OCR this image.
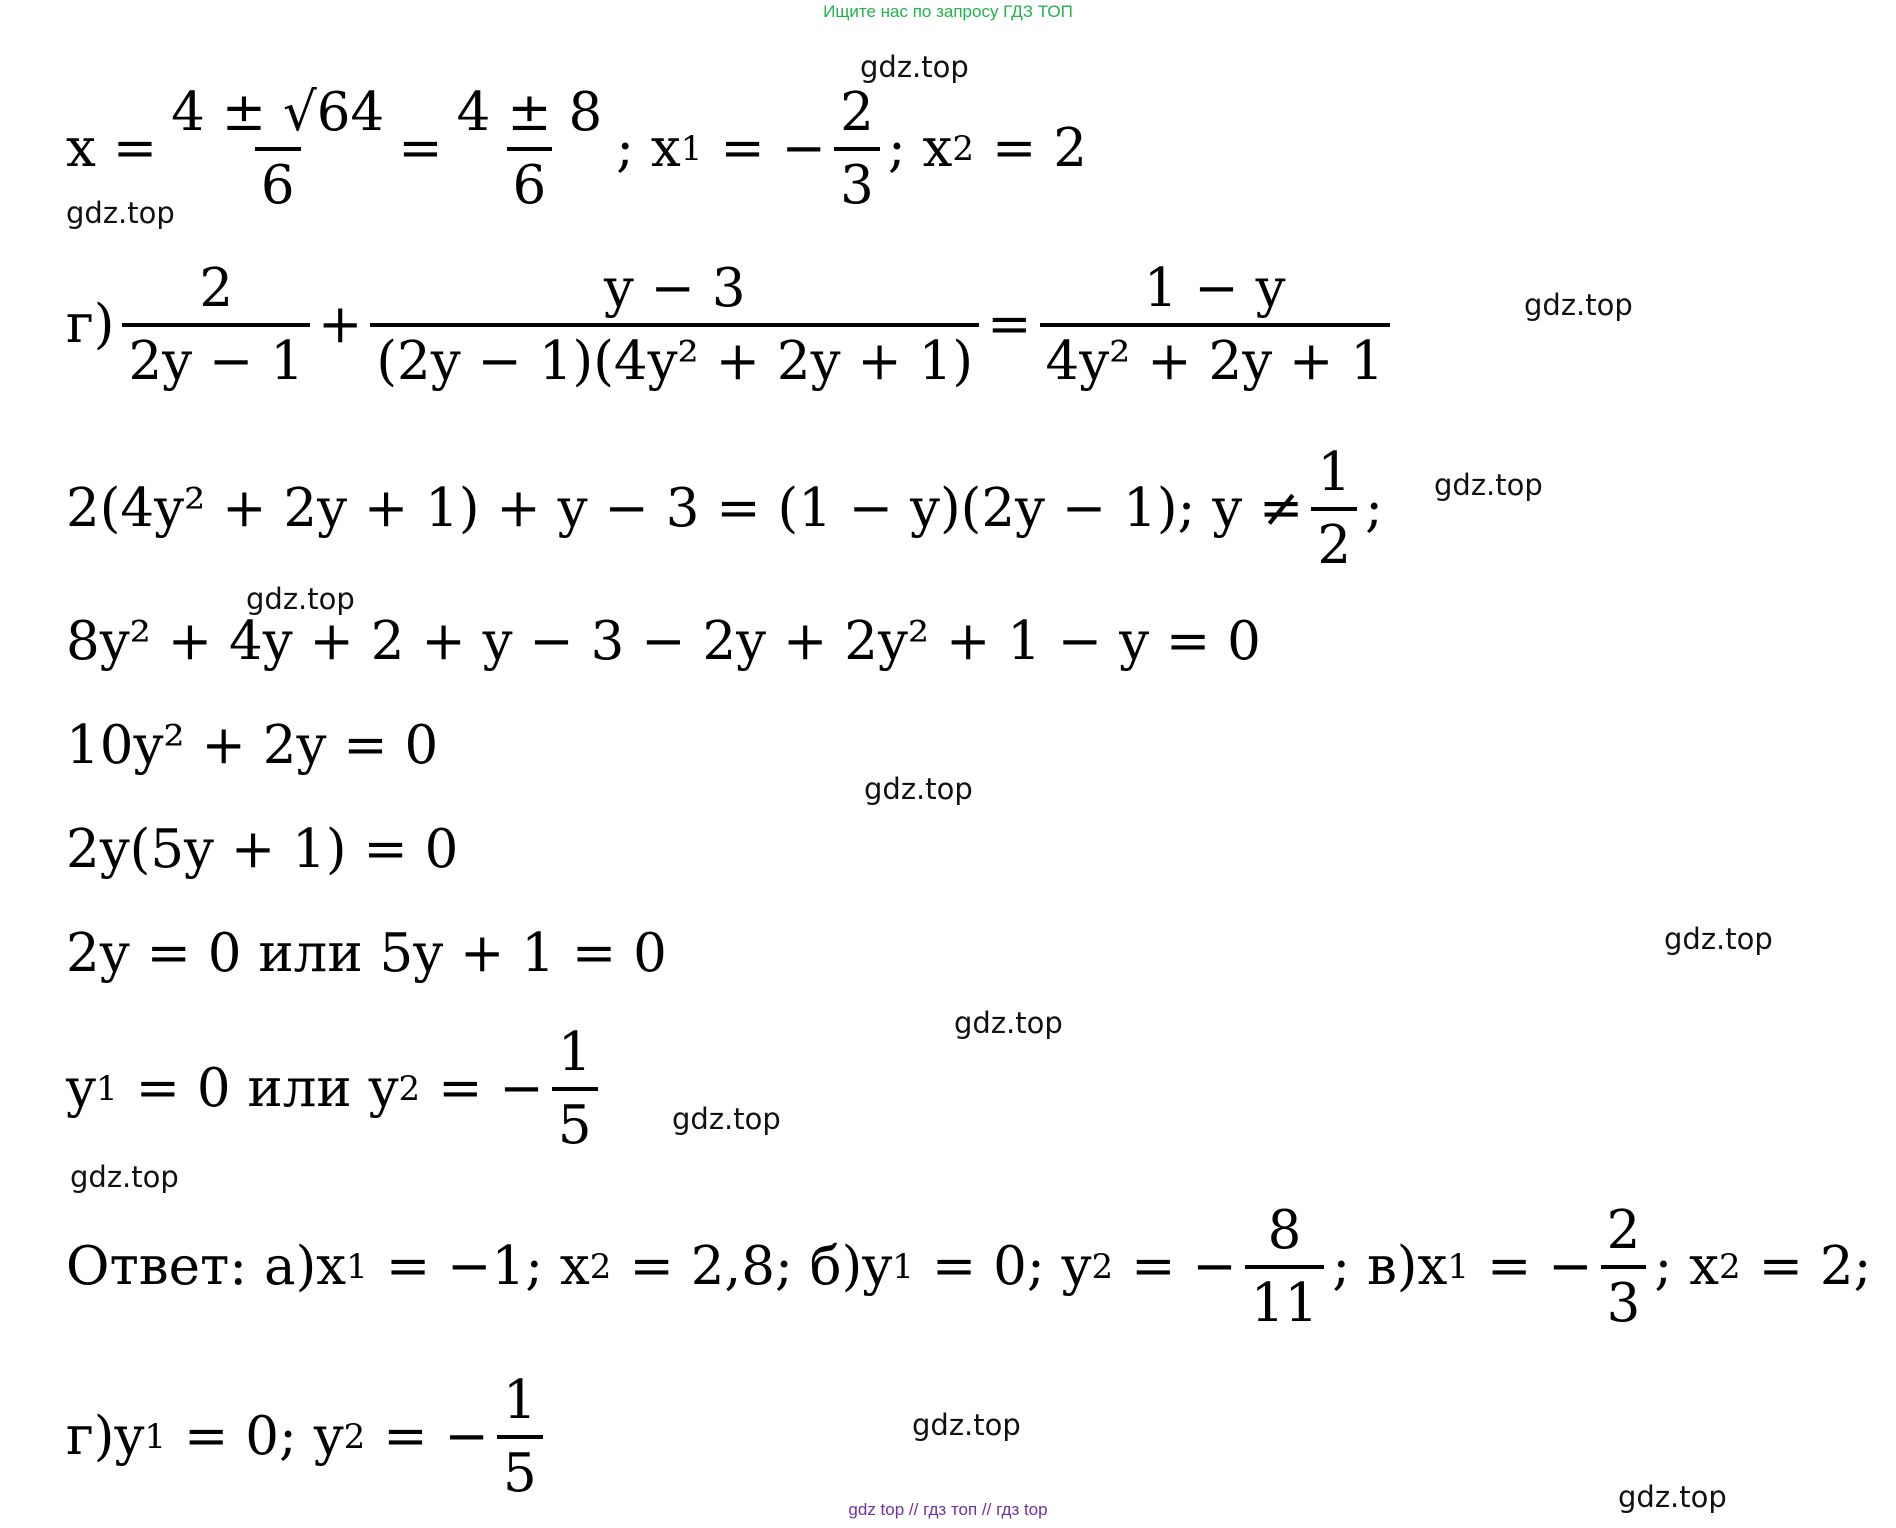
Ищите нас по запросу ГДЗ ТОП
gdz.top
gdz.top
gdz.top
gdz.top
gdz.top
gdz.top
gdz.top
gdz.top
gdz.top
gdz.top
gdz.top
gdz.top
$x = \frac{4 \pm √64}{6} = \frac{4 \pm 8}{6}$ ; x 1 = − $\frac{2}{3}$ ; x 2 = 2
$г) \frac{2}{2y - 1} + \frac{y - 3}{\text{(2y − 1)(4y² + 2y + 1)}} = \frac{1 - y}{\text{4y² + 2y + 1}}$
2(4y² + 2y + 1) + y − 3 = (1 − y)(2y − 1); $y \ne \frac{1}{2}$ ;
8y² + 4y + 2 + y − 3 − 2y + 2y² + 1 − y = 0
10y² + 2y = 0
2y(5y + 1) = 0
2y = 0 или 5y + 1 = 0
y 1 = 0 или y 2 = − $\frac{1}{5}$
Ответ: а)x 1 = −1; x 2 = 2,8; б)y 1 = 0; y 2 = − $\frac{8}{11}$ ; в)x 1 = − $\frac{2}{3}$ ; x 2 = 2;
г)y 1 = 0; y 2 = − $\frac{1}{5}$
gdz top // гдз топ // гдз top
